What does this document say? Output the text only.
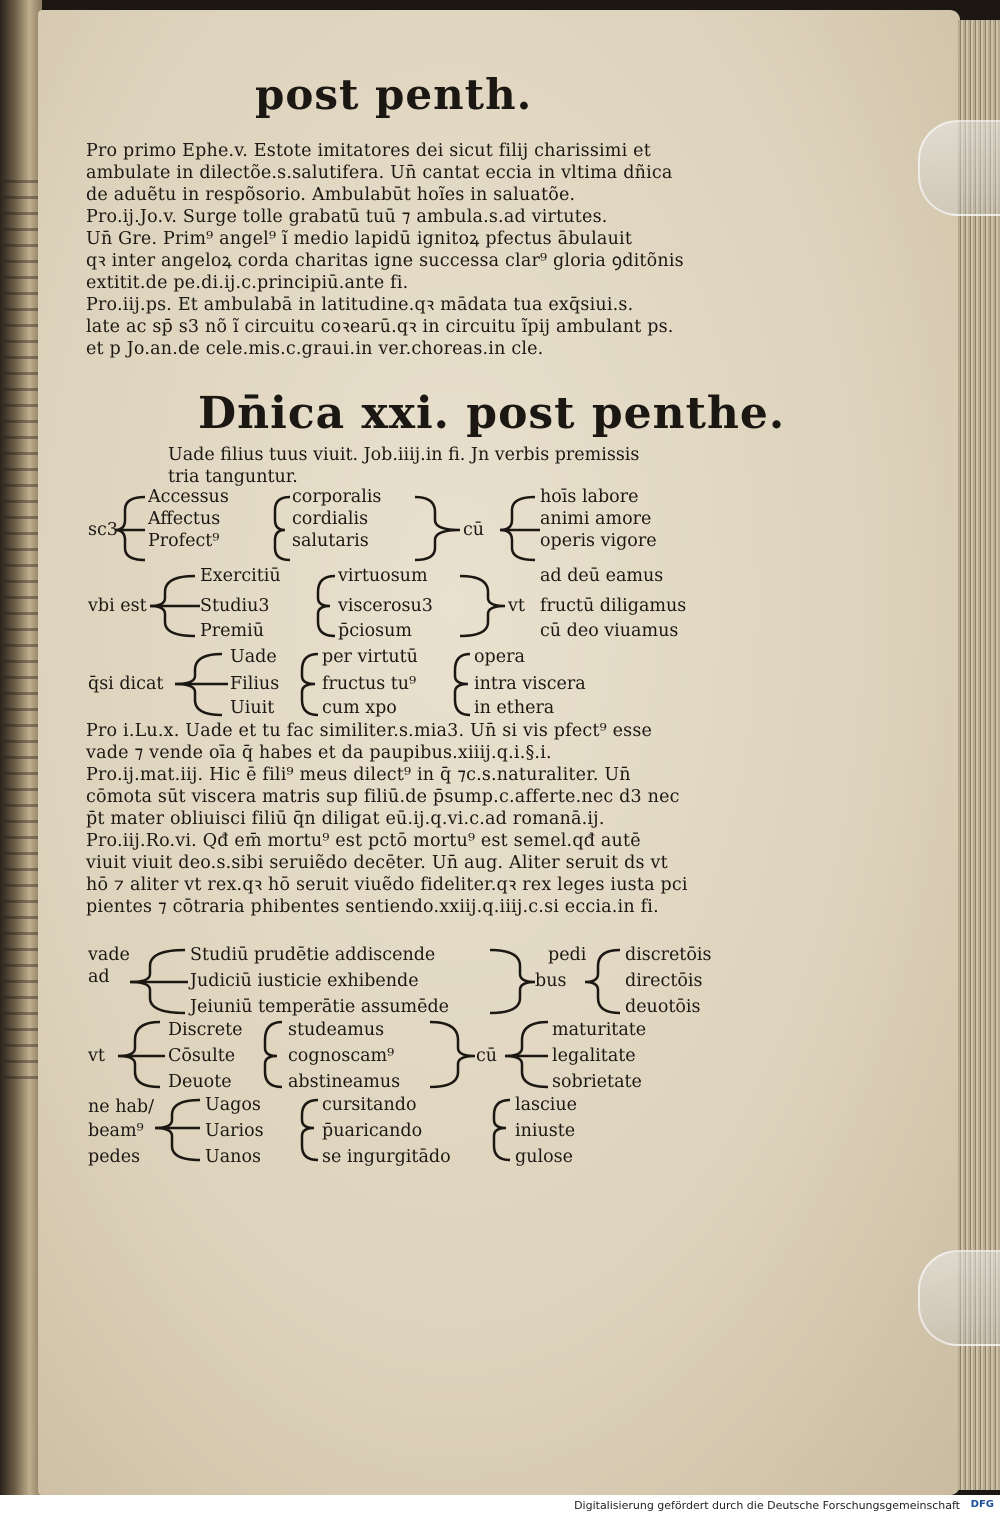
post penth.
Pro primo Ephe.v. Estote imitatores dei sicut filij charissimi et
ambulate in dilectõe.s.salutifera. Un̄ cantat eccia in vltima dñica
de aduẽtu in respõsorio. Ambulabūt hoĩes in saluatõe.
Pro.ij.Jo.v. Surge tolle grabatū tuū ⁊ ambula.s.ad virtutes.
Un̄ Gre. Prim⁹ angel⁹ ĩ medio lapidū ignitoꝝ pfectus ābulauit
qꝛ inter angeloꝝ corda charitas igne successa clar⁹ gloria ꝯditõnis
extitit.de pe.di.ij.c.principiū.ante fi.
Pro.iij.ps. Et ambulabā in latitudine.qꝛ mādata tua exq̄siui.s.
late ac sp̄ s3 nõ ĩ circuitu coꝛearū.qꝛ in circuitu ĩpij ambulant ps.
et p Jo.an.de cele.mis.c.graui.in ver.choreas.in cle.
Dn̄ica xxi. post penthe.
Uade filius tuus viuit. Job.iiij.in fi. Jn verbis premissis
tria tanguntur.
sc3
Accessus
Affectus
Profect⁹
corporalis
cordialis
salutaris
cū
hoīs labore
animi amore
operis vigore
vbi est
Exercitiū
Studiu3
Premiū
virtuosum
viscerosu3
p̄ciosum
vt
ad deū eamus
fructū diligamus
cū deo viuamus
q̄si dicat
Uade
Filius
Uiuit
per virtutū
fructus tu⁹
cum xpo
opera
intra viscera
in ethera
Pro i.Lu.x. Uade et tu fac similiter.s.mia3. Un̄ si vis pfect⁹ esse
vade ⁊ vende oīa q̄ habes et da paupibus.xiiij.q.i.§.i.
Pro.ij.mat.iij. Hic ē fili⁹ meus dilect⁹ in q̄ ⁊c.s.naturaliter. Un̄
cōmota sūt viscera matris sup filiū.de p̄sump.c.afferte.nec d3 nec
p̄t mater obliuisci filiū q̄n diligat eū.ij.q.vi.c.ad romanā.ij.
Pro.iij.Ro.vi. Qđ em̄ mortu⁹ est pctō mortu⁹ est semel.qđ autē
viuit viuit deo.s.sibi seruiẽdo decēter. Un̄ aug. Aliter seruit ds vt
hō ⁊ aliter vt rex.qꝛ hō seruit viuẽdo fideliter.qꝛ rex leges iusta pci
pientes ⁊ cōtraria phibentes sentiendo.xxiij.q.iiij.c.si eccia.in fi.
vade
ad
Studiū prudētie addiscende
Judiciū iusticie exhibende
Jeiuniū temperātie assumēde
pedi
bus
discretōis
directōis
deuotōis
vt
Discrete
Cōsulte
Deuote
studeamus
cognoscam⁹
abstineamus
cū
maturitate
legalitate
sobrietate
ne hab/
beam⁹
pedes
Uagos
Uarios
Uanos
cursitando
p̄uaricando
se ingurgitādo
lasciue
iniuste
gulose
Digitalisierung gefördert durch die Deutsche Forschungsgemeinschaft DFG
